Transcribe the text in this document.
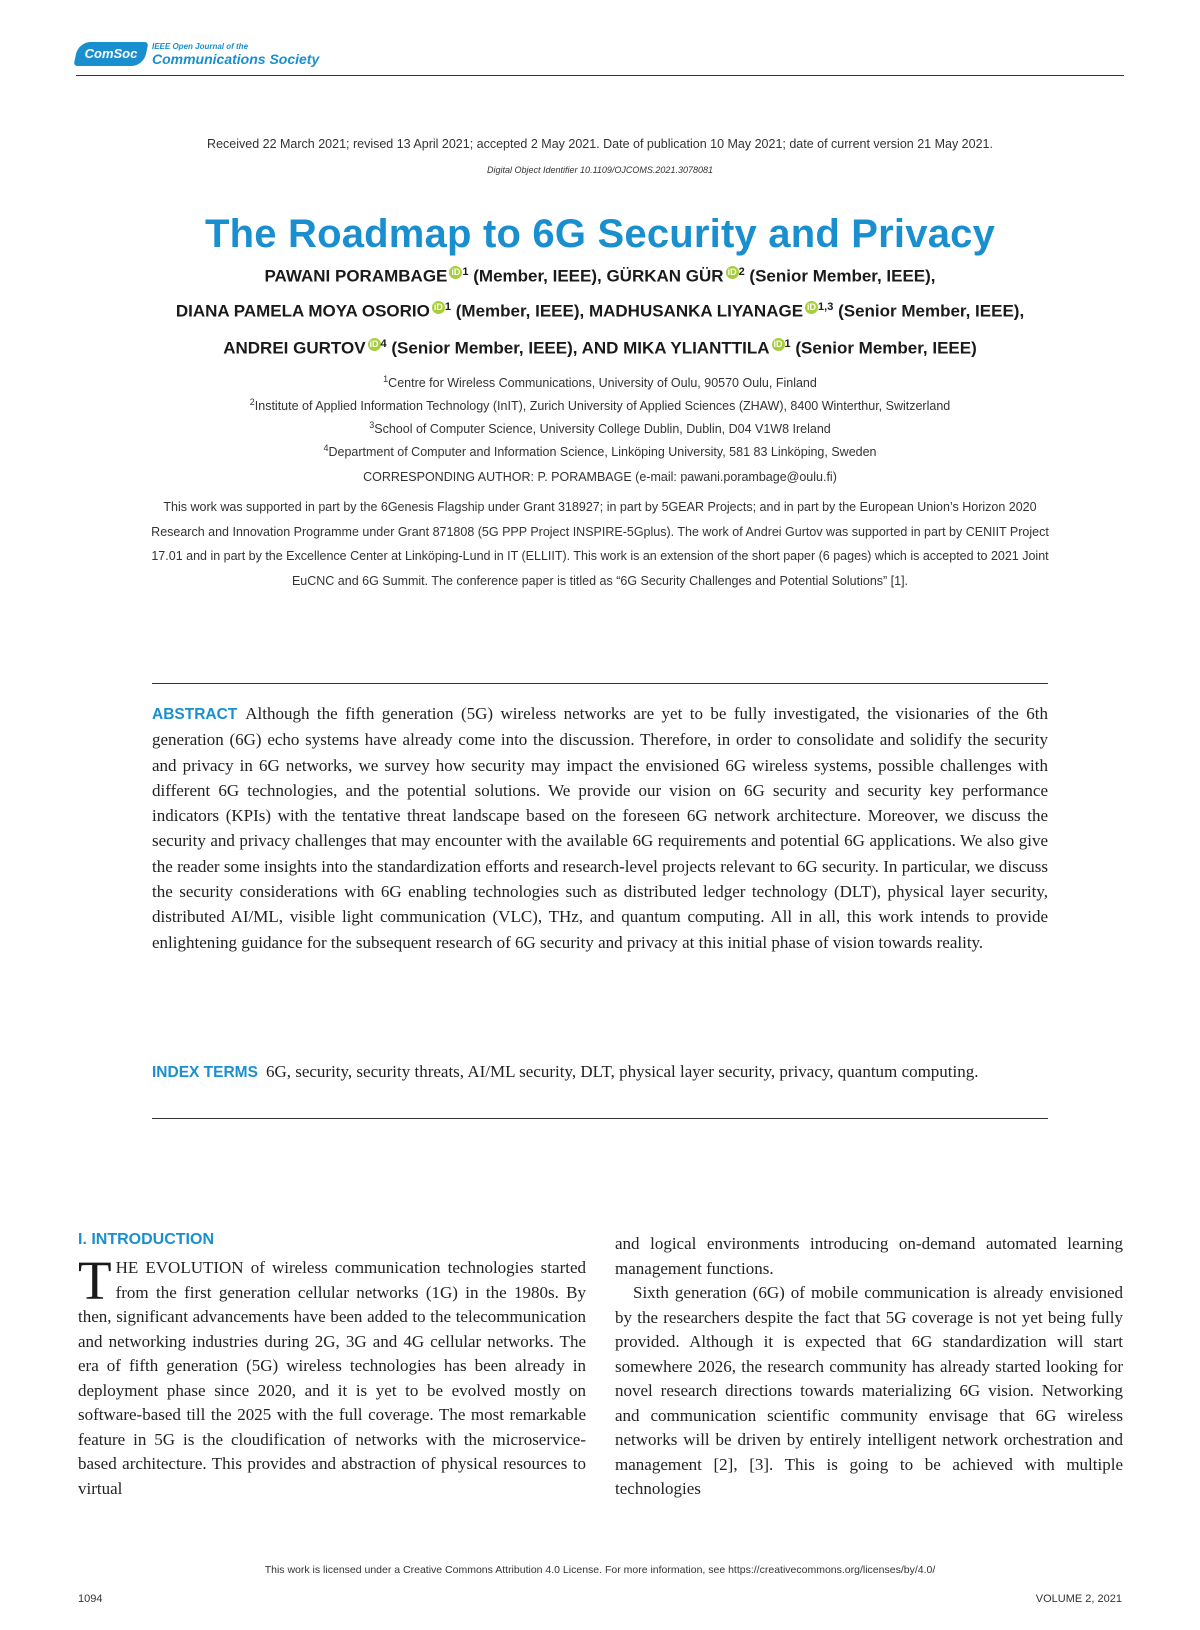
ComSoc	IEEE Open Journal of the
Communications Society
Received 22 March 2021; revised 13 April 2021; accepted 2 May 2021. Date of publication 10 May 2021; date of current version 21 May 2021.
Digital Object Identifier 10.1109/OJCOMS.2021.3078081
The Roadmap to 6G Security and Privacy
PAWANI PORAMBAGE iD $^1$ (Member, IEEE), GÜRKAN GÜR iD $^2$ (Senior Member, IEEE),
DIANA PAMELA MOYA OSORIO iD $^1$ (Member, IEEE), MADHUSANKA LIYANAGE iD $^{1,3}$ (Senior Member, IEEE),
ANDREI GURTOV iD $^4$ (Senior Member, IEEE), AND MIKA YLIANTTILA iD $^1$ (Senior Member, IEEE)
$^1$Centre for Wireless Communications, University of Oulu, 90570 Oulu, Finland
$^2$Institute of Applied Information Technology (InIT), Zurich University of Applied Sciences (ZHAW), 8400 Winterthur, Switzerland
$^3$School of Computer Science, University College Dublin, Dublin, D04 V1W8 Ireland
$^4$Department of Computer and Information Science, Linköping University, 581 83 Linköping, Sweden
CORRESPONDING AUTHOR: P. PORAMBAGE (e-mail: pawani.porambage@oulu.fi)
This work was supported in part by the 6Genesis Flagship under Grant 318927; in part by 5GEAR Projects; and in part by the European Union’s Horizon 2020
Research and Innovation Programme under Grant 871808 (5G PPP Project INSPIRE-5Gplus). The work of Andrei Gurtov was supported in part by CENIIT Project
17.01 and in part by the Excellence Center at Linköping-Lund in IT (ELLIIT). This work is an extension of the short paper (6 pages) which is accepted to 2021 Joint
EuCNC and 6G Summit. The conference paper is titled as “6G Security Challenges and Potential Solutions” [1].
ABSTRACT Although the fifth generation (5G) wireless networks are yet to be fully investigated, the visionaries of the 6th generation (6G) echo systems have already come into the discussion. Therefore, in order to consolidate and solidify the security and privacy in 6G networks, we survey how security may impact the envisioned 6G wireless systems, possible challenges with different 6G technologies, and the potential solutions. We provide our vision on 6G security and security key performance indicators (KPIs) with the tentative threat landscape based on the foreseen 6G network architecture. Moreover, we discuss the security and privacy challenges that may encounter with the available 6G requirements and potential 6G applications. We also give the reader some insights into the standardization efforts and research-level projects relevant to 6G security. In particular, we discuss the security considerations with 6G enabling technologies such as distributed ledger technology (DLT), physical layer security, distributed AI/ML, visible light communication (VLC), THz, and quantum computing. All in all, this work intends to provide enlightening guidance for the subsequent research of 6G security and privacy at this initial phase of vision towards reality.
INDEX TERMS 6G, security, security threats, AI/ML security, DLT, physical layer security, privacy, quantum computing.
I. INTRODUCTION

THE EVOLUTION of wireless communication technologies started from the first generation cellular networks (1G) in the 1980s. By then, significant advancements have been added to the telecommunication and networking industries during 2G, 3G and 4G cellular networks. The era of fifth generation (5G) wireless technologies has been already in deployment phase since 2020, and it is yet to be evolved mostly on software-based till the 2025 with the full coverage. The most remarkable feature in 5G is the cloudification of networks with the microservice-based architecture. This provides and abstraction of physical resources to virtual

and logical environments introducing on-demand automated learning management functions.

Sixth generation (6G) of mobile communication is already envisioned by the researchers despite the fact that 5G coverage is not yet being fully provided. Although it is expected that 6G standardization will start somewhere 2026, the research community has already started looking for novel research directions towards materializing 6G vision. Networking and communication scientific community envisage that 6G wireless networks will be driven by entirely intelligent network orchestration and management [2], [3]. This is going to be achieved with multiple technologies

This work is licensed under a Creative Commons Attribution 4.0 License. For more information, see https://creativecommons.org/licenses/by/4.0/
1094	VOLUME 2, 2021
